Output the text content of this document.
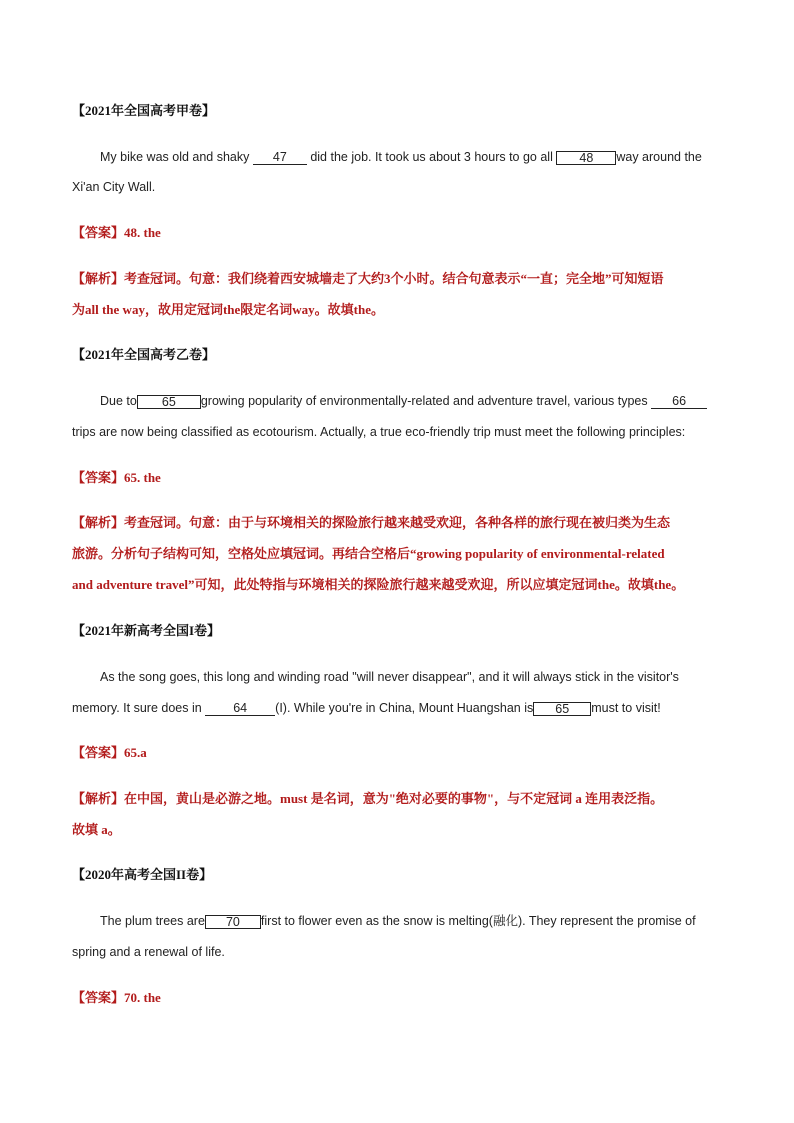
【2021年全国高考甲卷】
My bike was old and shaky 47 did the job. It took us about 3 hours to go all 48 way around the
Xi'an City Wall.
【答案】48. the
【解析】考查冠词。句意：我们绕着西安城墙走了大约3个小时。结合句意表示“一直；完全地”可知短语
为all the way，故用定冠词the限定名词way。故填the。
【2021年全国高考乙卷】
Due to 65 growing popularity of environmentally-related and adventure travel, various types 66
trips are now being classified as ecotourism. Actually, a true eco-friendly trip must meet the following principles:
【答案】65. the
【解析】考查冠词。句意：由于与环境相关的探险旅行越来越受欢迎，各种各样的旅行现在被归类为生态
旅游。分析句子结构可知，空格处应填冠词。再结合空格后“growing popularity of environmental-related
and adventure travel”可知，此处特指与环境相关的探险旅行越来越受欢迎，所以应填定冠词the。故填the。
【2021年新高考全国I卷】
As the song goes, this long and winding road "will never disappear", and it will always stick in the visitor's
memory. It sure does in 64 (I). While you're in China, Mount Huangshan is 65 must to visit!
【答案】65.a
【解析】在中国，黄山是必游之地。must 是名词，意为"绝对必要的事物"，与不定冠词 a 连用表泛指。
故填 a。
【2020年高考全国II卷】
The plum trees are 70 first to flower even as the snow is melting(融化). They represent the promise of
spring and a renewal of life.
【答案】70. the
